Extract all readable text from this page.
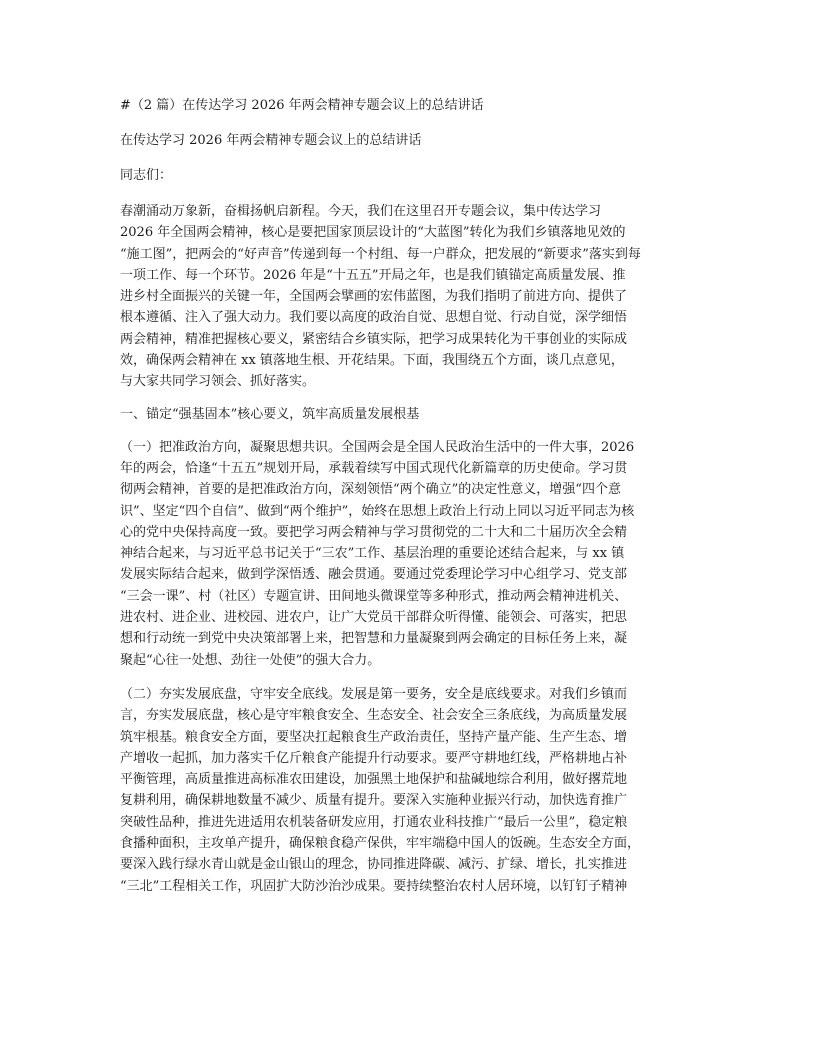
#（2 篇）在传达学习 2026 年两会精神专题会议上的总结讲话
在传达学习 2026 年两会精神专题会议上的总结讲话
同志们：
春潮涌动万象新，奋楫扬帆启新程。今天，我们在这里召开专题会议，集中传达学习
2026 年全国两会精神，核心是要把国家顶层设计的“大蓝图”转化为我们乡镇落地见效的
“施工图”，把两会的“好声音”传递到每一个村组、每一户群众，把发展的“新要求”落实到每
一项工作、每一个环节。2026 年是“十五五”开局之年，也是我们镇锚定高质量发展、推
进乡村全面振兴的关键一年，全国两会擘画的宏伟蓝图，为我们指明了前进方向、提供了
根本遵循、注入了强大动力。我们要以高度的政治自觉、思想自觉、行动自觉，深学细悟
两会精神，精准把握核心要义，紧密结合乡镇实际，把学习成果转化为干事创业的实际成
效，确保两会精神在 xx 镇落地生根、开花结果。下面，我围绕五个方面，谈几点意见，
与大家共同学习领会、抓好落实。
一、锚定“强基固本”核心要义，筑牢高质量发展根基
（一）把准政治方向，凝聚思想共识。全国两会是全国人民政治生活中的一件大事，2026
年的两会，恰逢“十五五”规划开局，承载着续写中国式现代化新篇章的历史使命。学习贯
彻两会精神，首要的是把准政治方向，深刻领悟“两个确立”的决定性意义，增强“四个意
识”、坚定“四个自信”、做到“两个维护”，始终在思想上政治上行动上同以习近平同志为核
心的党中央保持高度一致。要把学习两会精神与学习贯彻党的二十大和二十届历次全会精
神结合起来，与习近平总书记关于“三农”工作、基层治理的重要论述结合起来，与 xx 镇
发展实际结合起来，做到学深悟透、融会贯通。要通过党委理论学习中心组学习、党支部
“三会一课”、村（社区）专题宣讲、田间地头微课堂等多种形式，推动两会精神进机关、
进农村、进企业、进校园、进农户，让广大党员干部群众听得懂、能领会、可落实，把思
想和行动统一到党中央决策部署上来，把智慧和力量凝聚到两会确定的目标任务上来，凝
聚起“心往一处想、劲往一处使”的强大合力。
（二）夯实发展底盘，守牢安全底线。发展是第一要务，安全是底线要求。对我们乡镇而
言，夯实发展底盘，核心是守牢粮食安全、生态安全、社会安全三条底线，为高质量发展
筑牢根基。粮食安全方面，要坚决扛起粮食生产政治责任，坚持产量产能、生产生态、增
产增收一起抓，加力落实千亿斤粮食产能提升行动要求。要严守耕地红线，严格耕地占补
平衡管理，高质量推进高标准农田建设，加强黑土地保护和盐碱地综合利用，做好撂荒地
复耕利用，确保耕地数量不减少、质量有提升。要深入实施种业振兴行动，加快选育推广
突破性品种，推进先进适用农机装备研发应用，打通农业科技推广“最后一公里”，稳定粮
食播种面积，主攻单产提升，确保粮食稳产保供，牢牢端稳中国人的饭碗。生态安全方面，
要深入践行绿水青山就是金山银山的理念，协同推进降碳、减污、扩绿、增长，扎实推进
“三北”工程相关工作，巩固扩大防沙治沙成果。要持续整治农村人居环境，以钉钉子精神
